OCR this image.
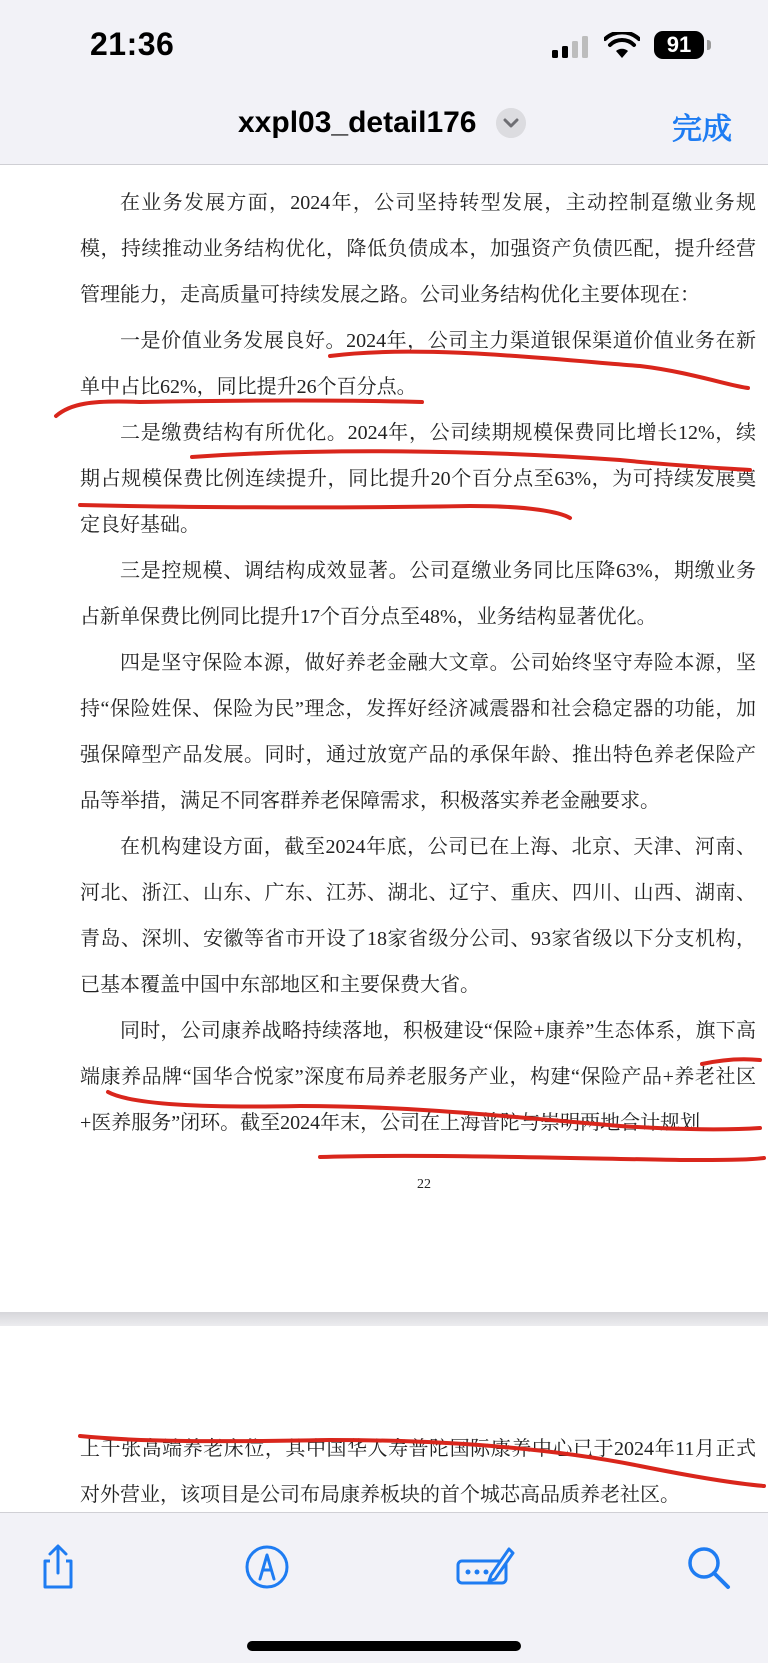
21:36	91
xxpl03_detail176	完成

在业务发展方面，2024年，公司坚持转型发展，主动控制趸缴业务规模，持续推动业务结构优化，降低负债成本，加强资产负债匹配，提升经营管理能力，走高质量可持续发展之路。公司业务结构优化主要体现在：

一是价值业务发展良好。2024年，公司主力渠道银保渠道价值业务在新单中占比62%，同比提升26个百分点。

二是缴费结构有所优化。2024年，公司续期规模保费同比增长12%，续期占规模保费比例连续提升，同比提升20个百分点至63%，为可持续发展奠定良好基础。

三是控规模、调结构成效显著。公司趸缴业务同比压降63%，期缴业务占新单保费比例同比提升17个百分点至48%，业务结构显著优化。

四是坚守保险本源，做好养老金融大文章。公司始终坚守寿险本源，坚持“保险姓保、保险为民”理念，发挥好经济减震器和社会稳定器的功能，加强保障型产品发展。同时，通过放宽产品的承保年龄、推出特色养老保险产品等举措，满足不同客群养老保障需求，积极落实养老金融要求。

在机构建设方面，截至2024年底，公司已在上海、北京、天津、河南、河北、浙江、山东、广东、江苏、湖北、辽宁、重庆、四川、山西、湖南、青岛、深圳、安徽等省市开设了18家省级分公司、93家省级以下分支机构，已基本覆盖中国中东部地区和主要保费大省。

同时，公司康养战略持续落地，积极建设“保险+康养”生态体系，旗下高端康养品牌“国华合悦家”深度布局养老服务产业，构建“保险产品+养老社区+医养服务”闭环。截至2024年末，公司在上海普陀与崇明两地合计规划

22

上千张高端养老床位，其中国华人寿普陀国际康养中心已于2024年11月正式对外营业，该项目是公司布局康养板块的首个城芯高品质养老社区。
